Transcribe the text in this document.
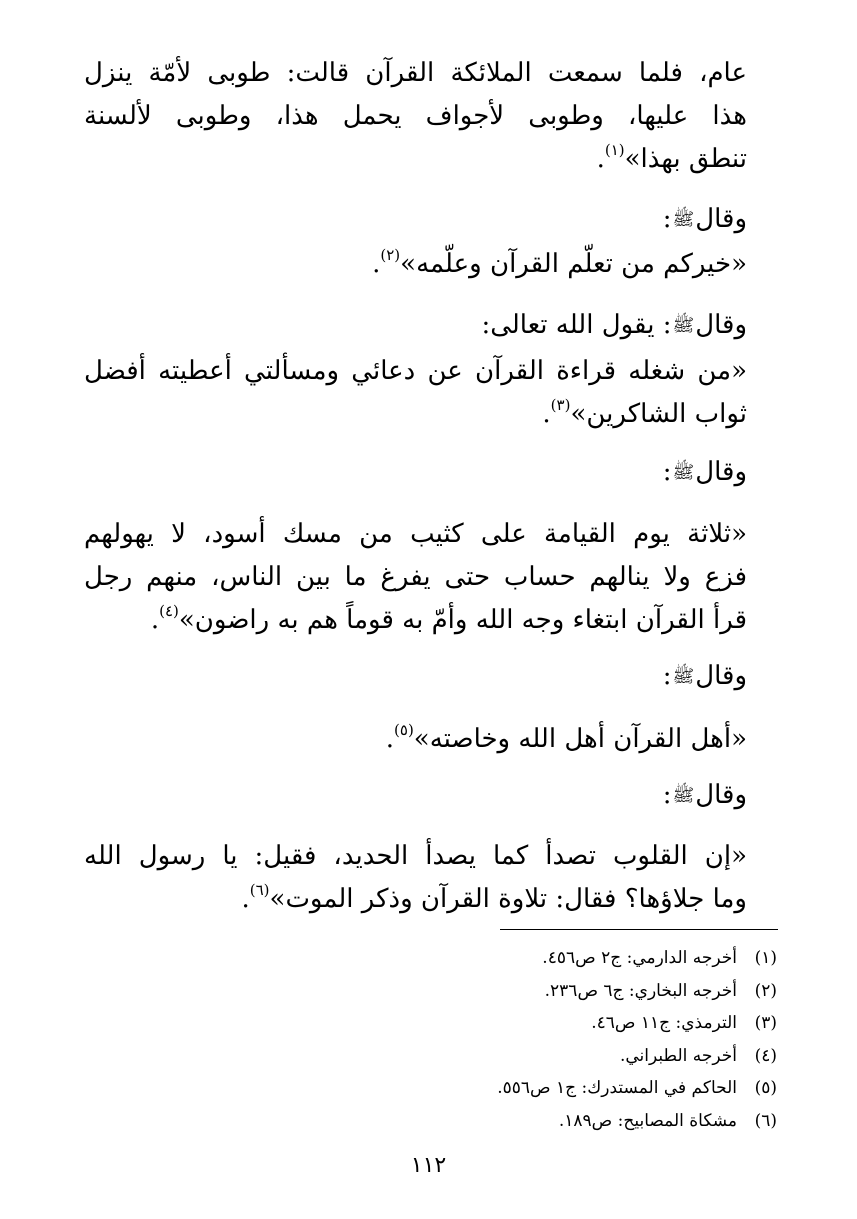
عام، فلما سمعت الملائكة القرآن قالت: طوبى لأمّة ينزل
هذا عليها، وطوبى لأجواف يحمل هذا، وطوبى لألسنة
تنطق بهذا»$^{(١)}$.
وقالﷺ:
«خيركم من تعلّم القرآن وعلّمه»$^{(٢)}$.
وقالﷺ: يقول الله تعالى:
«من شغله قراءة القرآن عن دعائي ومسألتي أعطيته أفضل
ثواب الشاكرين»$^{(٣)}$.
وقالﷺ:
«ثلاثة يوم القيامة على كثيب من مسك أسود، لا يهولهم
فزع ولا ينالهم حساب حتى يفرغ ما بين الناس، منهم رجل
قرأ القرآن ابتغاء وجه الله وأمّ به قوماً هم به راضون»$^{(٤)}$.
وقالﷺ:
«أهل القرآن أهل الله وخاصته»$^{(٥)}$.
وقالﷺ:
«إن القلوب تصدأ كما يصدأ الحديد، فقيل: يا رسول الله
وما جلاؤها؟ فقال: تلاوة القرآن وذكر الموت»$^{(٦)}$.
(١)أخرجه الدارمي: ج٢ ص٤٥٦.
(٢)أخرجه البخاري: ج٦ ص٢٣٦.
(٣)الترمذي: ج١١ ص٤٦.
(٤)أخرجه الطبراني.
(٥)الحاكم في المستدرك: ج١ ص٥٥٦.
(٦)مشكاة المصابيح: ص١٨٩.
١١٢
